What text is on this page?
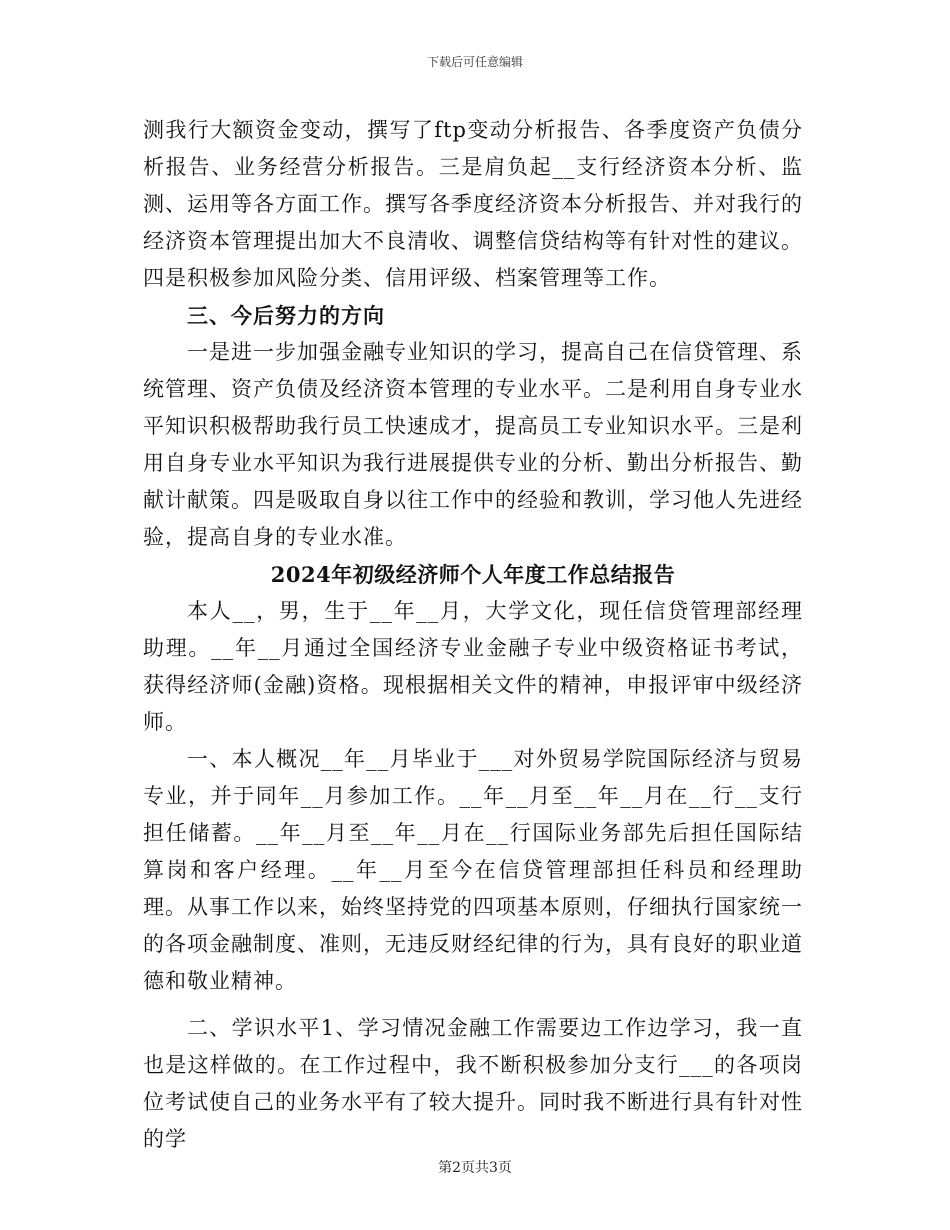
下载后可任意编辑

测我行大额资金变动，撰写了ftp变动分析报告、各季度资产负债分析报告、业务经营分析报告。三是肩负起__支行经济资本分析、监测、运用等各方面工作。撰写各季度经济资本分析报告、并对我行的经济资本管理提出加大不良清收、调整信贷结构等有针对性的建议。四是积极参加风险分类、信用评级、档案管理等工作。

三、今后努力的方向

一是进一步加强金融专业知识的学习，提高自己在信贷管理、系统管理、资产负债及经济资本管理的专业水平。二是利用自身专业水平知识积极帮助我行员工快速成才，提高员工专业知识水平。三是利用自身专业水平知识为我行进展提供专业的分析、勤出分析报告、勤献计献策。四是吸取自身以往工作中的经验和教训，学习他人先进经验，提高自身的专业水准。

2024年初级经济师个人年度工作总结报告

本人__，男，生于__年__月，大学文化，现任信贷管理部经理助理。__年__月通过全国经济专业金融子专业中级资格证书考试，获得经济师(金融)资格。现根据相关文件的精神，申报评审中级经济师。

一、本人概况__年__月毕业于___对外贸易学院国际经济与贸易专业，并于同年__月参加工作。__年__月至__年__月在__行__支行担任储蓄。__年__月至__年__月在__行国际业务部先后担任国际结算岗和客户经理。__年__月至今在信贷管理部担任科员和经理助理。从事工作以来，始终坚持党的四项基本原则，仔细执行国家统一的各项金融制度、准则，无违反财经纪律的行为，具有良好的职业道德和敬业精神。

二、学识水平1、学习情况金融工作需要边工作边学习，我一直也是这样做的。在工作过程中，我不断积极参加分支行___的各项岗位考试使自己的业务水平有了较大提升。同时我不断进行具有针对性的学

第2页共3页
